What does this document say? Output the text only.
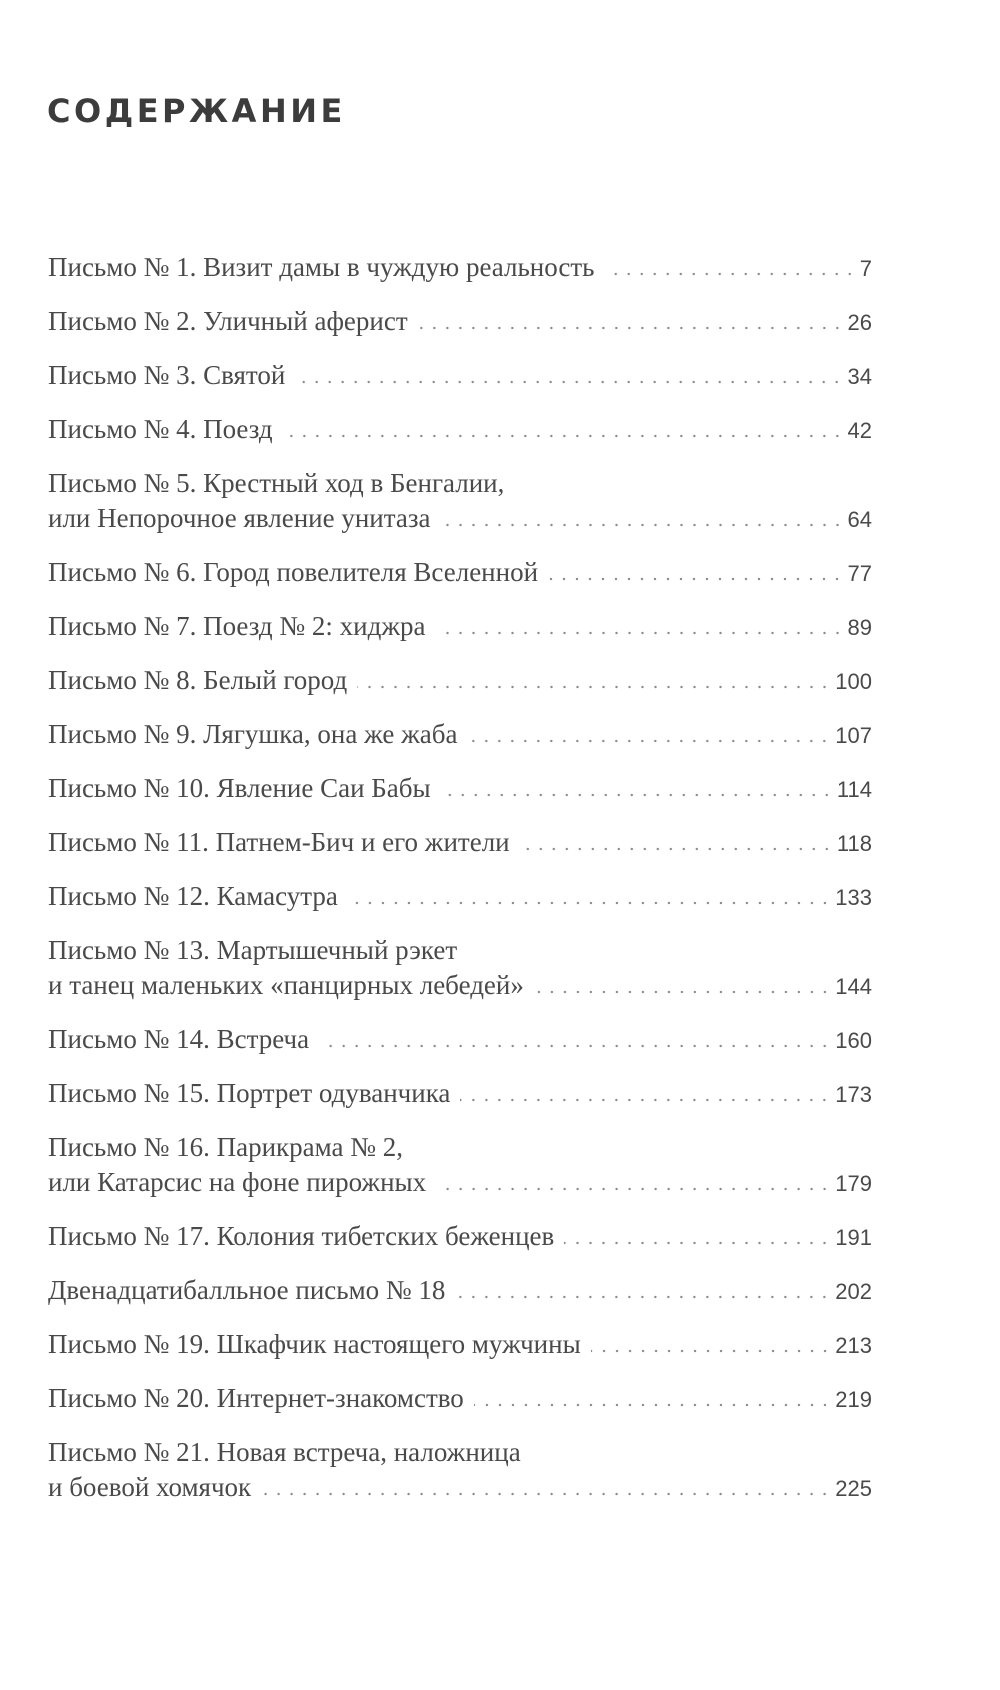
СОДЕРЖАНИЕ
Письмо № 1. Визит дамы в чуждую реальность	7
Письмо № 2. Уличный аферист	26
Письмо № 3. Святой	34
Письмо № 4. Поезд	42
Письмо № 5. Крестный ход в Бенгалии,
или Непорочное явление унитаза	64
Письмо № 6. Город повелителя Вселенной	77
Письмо № 7. Поезд № 2: хиджра	89
Письмо № 8. Белый город	100
Письмо № 9. Лягушка, она же жаба	107
Письмо № 10. Явление Саи Бабы	114
Письмо № 11. Патнем-Бич и его жители	118
Письмо № 12. Камасутра	133
Письмо № 13. Мартышечный рэкет
и танец маленьких «панцирных лебедей»	144
Письмо № 14. Встреча	160
Письмо № 15. Портрет одуванчика	173
Письмо № 16. Парикрама № 2,
или Катарсис на фоне пирожных	179
Письмо № 17. Колония тибетских беженцев	191
Двенадцатибалльное письмо № 18	202
Письмо № 19. Шкафчик настоящего мужчины	213
Письмо № 20. Интернет-знакомство	219
Письмо № 21. Новая встреча, наложница
и боевой хомячок	225
